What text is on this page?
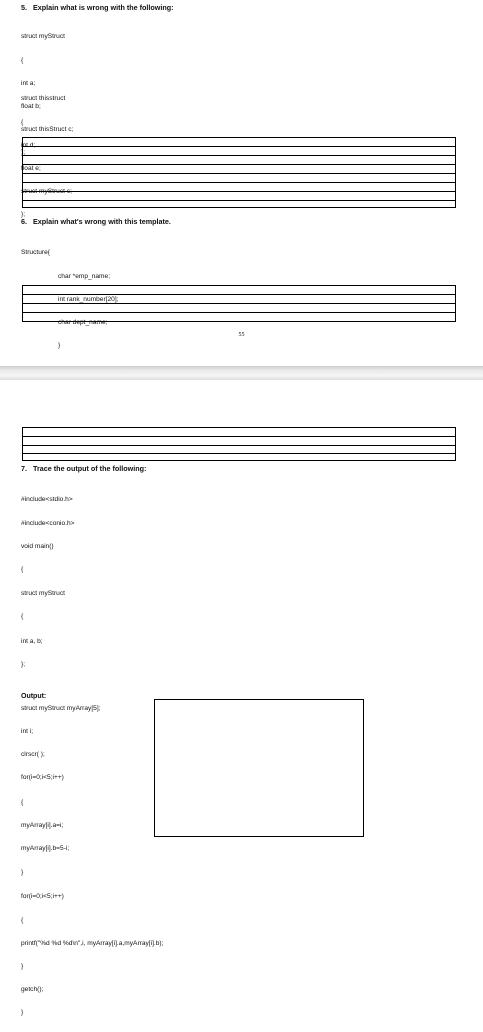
5. Explain what is wrong with the following:

struct myStruct

{

int a;

float b;

struct thisStruct c;

};

struct thisstruct

{

int d;

float e;

struct myStruct c;

};

6. Explain what's wrong with this template.

Structure{

char *emp_name;

int rank_number[20];

char dept_name;

}

55
7. Trace the output of the following:

#include<stdio.h>

#include<conio.h>

void main()

{

struct myStruct

{

int a, b;

};

struct myStruct myArray[5];

int i;

clrscr( );

for(i=0;i<5;i++)

{

myArray[i].a=i;

myArray[i].b=5-i;

}

for(i=0;i<5;i++)

{

printf("%d %d %d\n",i, myArray[i].a,myArray[i].b);

}

getch();

}

Output:
